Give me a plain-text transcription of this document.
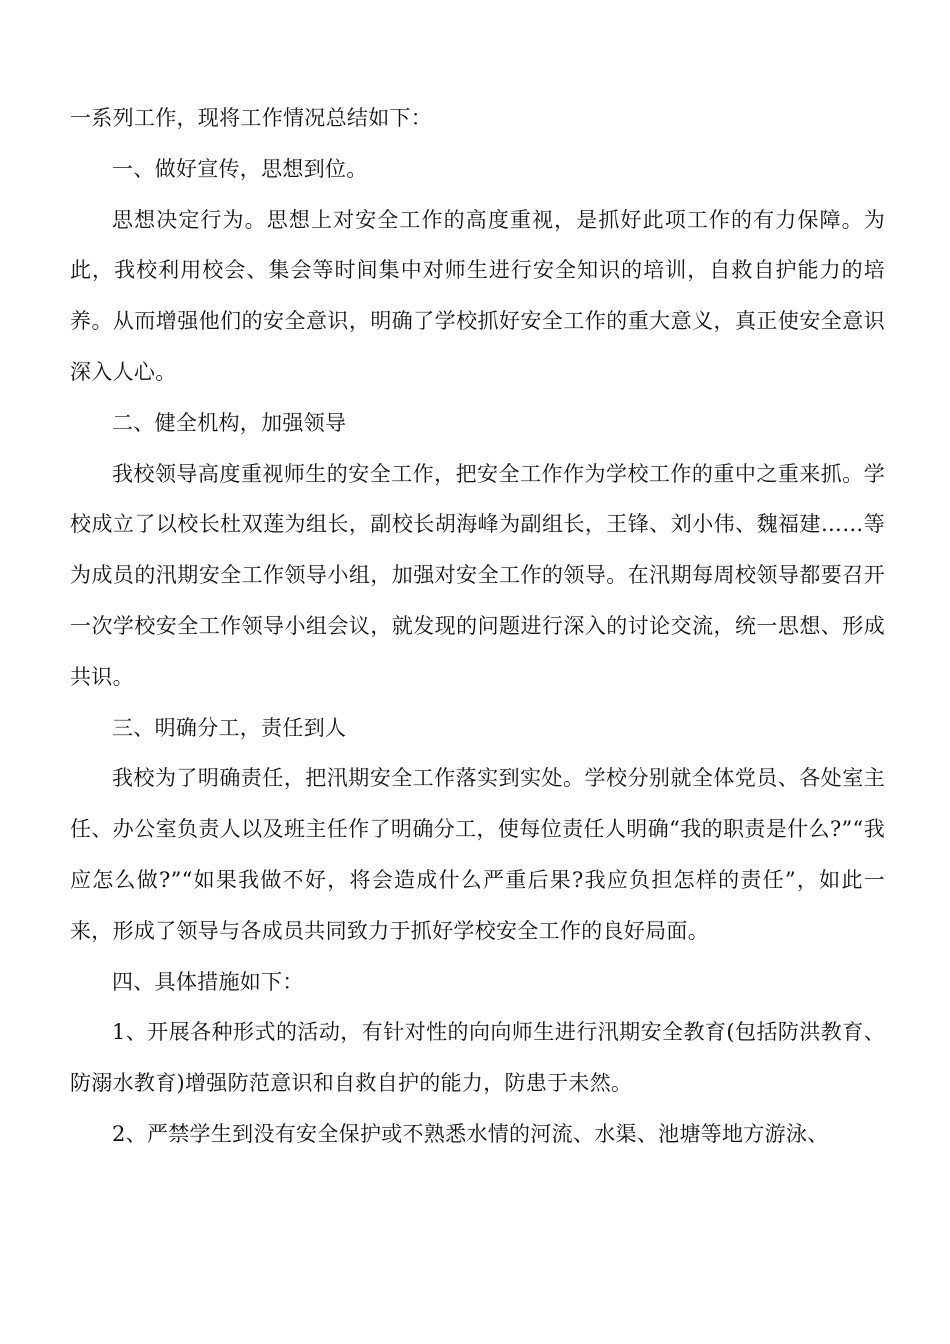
一系列工作，现将工作情况总结如下：

一、做好宣传，思想到位。

思想决定行为。思想上对安全工作的高度重视，是抓好此项工作的有力保障。为此，我校利用校会、集会等时间集中对师生进行安全知识的培训，自救自护能力的培养。从而增强他们的安全意识，明确了学校抓好安全工作的重大意义，真正使安全意识深入人心。

二、健全机构，加强领导

我校领导高度重视师生的安全工作，把安全工作作为学校工作的重中之重来抓。学校成立了以校长杜双莲为组长，副校长胡海峰为副组长，王锋、刘小伟、魏福建……等为成员的汛期安全工作领导小组，加强对安全工作的领导。在汛期每周校领导都要召开一次学校安全工作领导小组会议，就发现的问题进行深入的讨论交流，统一思想、形成共识。

三、明确分工，责任到人

我校为了明确责任，把汛期安全工作落实到实处。学校分别就全体党员、各处室主任、办公室负责人以及班主任作了明确分工，使每位责任人明确“我的职责是什么?”“我应怎么做?”“如果我做不好，将会造成什么严重后果?我应负担怎样的责任”，如此一来，形成了领导与各成员共同致力于抓好学校安全工作的良好局面。

四、具体措施如下：

1、开展各种形式的活动，有针对性的向向师生进行汛期安全教育(包括防洪教育、防溺水教育)增强防范意识和自救自护的能力，防患于未然。

2、严禁学生到没有安全保护或不熟悉水情的河流、水渠、池塘等地方游泳、
